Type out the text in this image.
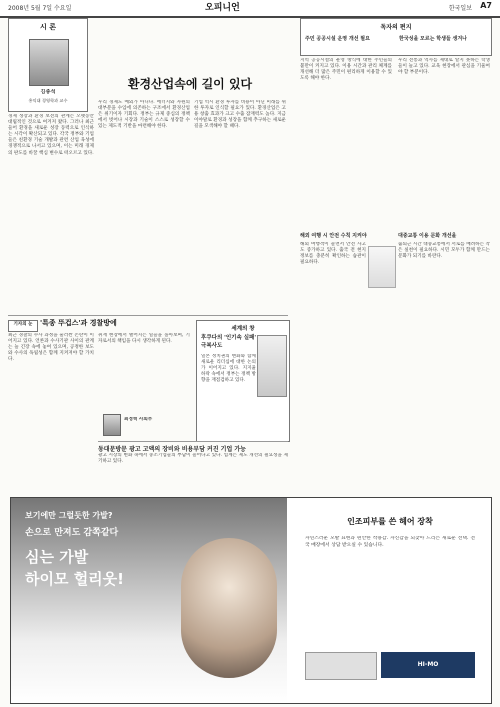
2008년 5월 7일 수요일	오피니언	한국일보 A7
시 론
김종석
홍익대 경영학과 교수
환경산업속에 길이 있다
경제 성장과 환경 보전의 관계는 오랫동안 대립적인 것으로 여겨져 왔다. 그러나 최근 들어 환경을 새로운 성장 동력으로 인식하는 시각이 확산되고 있다. 각국 정부와 기업들은 친환경 기술 개발과 관련 산업 육성에 경쟁적으로 나서고 있으며, 이는 미래 경제의 판도를 바꿀 핵심 변수로 떠오르고 있다.
우리 경제도 예외가 아니다. 에너지와 자원의 대부분을 수입에 의존하는 구조에서 환경산업은 위기이자 기회다. 정부는 규제 중심의 정책에서 벗어나 시장과 기술이 스스로 성장할 수 있는 제도적 기반을 마련해야 한다.
기업 역시 환경 투자를 비용이 아닌 미래를 위한 투자로 인식할 필요가 있다. 환경산업은 고용 창출 효과가 크고 수출 잠재력도 높다. 지금이야말로 환경과 성장을 함께 추구하는 새로운 길을 모색해야 할 때다.
기자의 눈	'특종 뚜겁스'과 경찰방에
최근 경찰의 수사 과정을 둘러싼 논란이 이어지고 있다. 언론과 수사기관 사이의 관계는 늘 긴장 속에 놓여 있으며, 공정한 보도와 수사의 독립성은 함께 지켜져야 할 가치다.
취재 현장에서 벌어지는 일들을 돌아보며, 기자로서의 책임을 다시 생각하게 된다.
최정혁 사회부
세계의 창
후쿠다의 '인기속 실패' 극복사도
일본 정치권의 변화와 함께 새로운 리더십에 대한 논의가 이어지고 있다. 지지율 하락 속에서 정부는 정책 방향을 재점검하고 있다.
동대문방문 광고 고액의 장비와 비용부담 커진 기업 가능
광고 시장의 변화 속에서 중소기업들의 부담이 늘어나고 있다. 업계는 제도 개선의 필요성을 제기하고 있다.
독자의 편지
주민 공공시설 운영 개선 필요	한국성을 모르는 학생들 생겨나
지역 공공시설의 운영 방식에 대한 주민들의 불만이 커지고 있다. 이용 시간과 관리 체계를 개선해 더 많은 주민이 편리하게 이용할 수 있도록 해야 한다.
우리 전통과 역사를 제대로 알지 못하는 학생들이 늘고 있다. 교육 현장에서 관심을 기울여야 할 부분이다.
해외 여행 시 안전 수칙 지켜야
해외 여행객이 늘면서 안전 사고도 증가하고 있다. 출국 전 현지 정보를 충분히 확인하는 습관이 필요하다.
대중교통 이용 문화 개선을
출퇴근 시간 대중교통에서 서로를 배려하는 작은 실천이 필요하다. 시민 모두가 함께 만드는 문화가 되기를 바란다.
보기에만 그럴듯한 가발?
손으로 만져도 감쪽같다
심는 가발
하이모 헐리웃!
인조피부를 쓴 헤어 장착
자연스러운 모발 표현과 편안한 착용감. 자신감을 되찾아 드리는 새로운 선택. 전국 매장에서 상담 받으실 수 있습니다.
HI-MO
